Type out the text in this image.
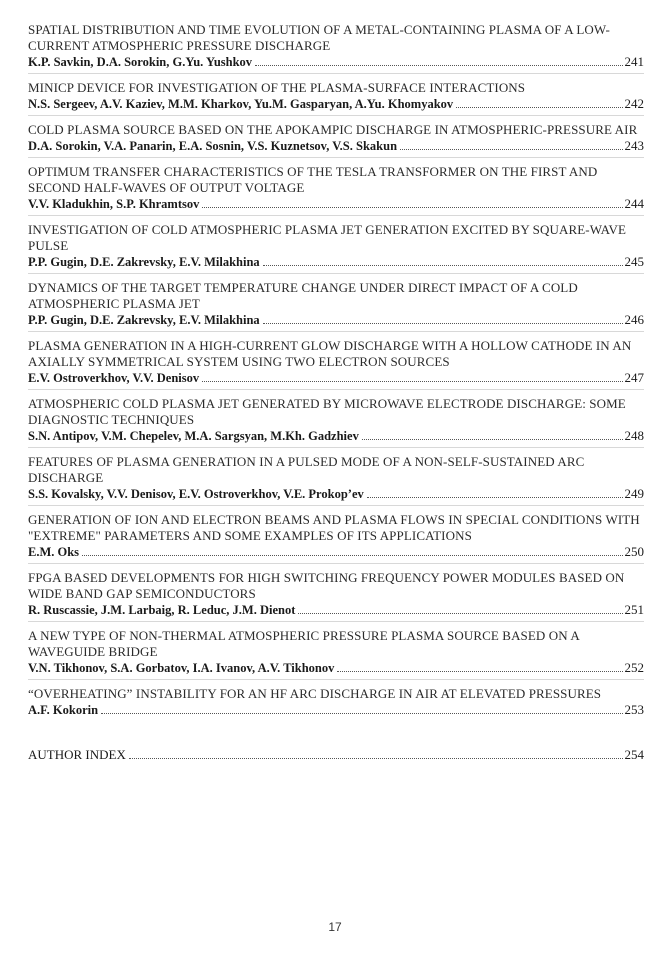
SPATIAL DISTRIBUTION AND TIME EVOLUTION OF A METAL-CONTAINING PLASMA OF A LOW-CURRENT ATMOSPHERIC PRESSURE DISCHARGE
K.P. Savkin, D.A. Sorokin, G.Yu. Yushkov	241
MINICP DEVICE FOR INVESTIGATION OF THE PLASMA-SURFACE INTERACTIONS
N.S. Sergeev, A.V. Kaziev, M.M. Kharkov, Yu.M. Gasparyan, A.Yu. Khomyakov	242
COLD PLASMA SOURCE BASED ON THE APOKAMPIC DISCHARGE IN ATMOSPHERIC-PRESSURE AIR
D.A. Sorokin, V.A. Panarin, E.A. Sosnin, V.S. Kuznetsov, V.S. Skakun	243
OPTIMUM TRANSFER CHARACTERISTICS OF THE TESLA TRANSFORMER ON THE FIRST AND SECOND HALF-WAVES OF OUTPUT VOLTAGE
V.V. Kladukhin, S.P. Khramtsov	244
INVESTIGATION OF COLD ATMOSPHERIC PLASMA JET GENERATION EXCITED BY SQUARE-WAVE PULSE
P.P. Gugin, D.E. Zakrevsky, E.V. Milakhina	245
DYNAMICS OF THE TARGET TEMPERATURE CHANGE UNDER DIRECT IMPACT OF A COLD ATMOSPHERIC PLASMA JET
P.P. Gugin, D.E. Zakrevsky, E.V. Milakhina	246
PLASMA GENERATION IN A HIGH-CURRENT GLOW DISCHARGE WITH A HOLLOW CATHODE IN AN AXIALLY SYMMETRICAL SYSTEM USING TWO ELECTRON SOURCES
E.V. Ostroverkhov, V.V. Denisov	247
ATMOSPHERIC COLD PLASMA JET GENERATED BY MICROWAVE ELECTRODE DISCHARGE: SOME DIAGNOSTIC TECHNIQUES
S.N. Antipov, V.M. Chepelev, M.A. Sargsyan, M.Kh. Gadzhiev	248
FEATURES OF PLASMA GENERATION IN A PULSED MODE OF A NON-SELF-SUSTAINED ARC DISCHARGE
S.S. Kovalsky, V.V. Denisov, E.V. Ostroverkhov, V.E. Prokop’ev	249
GENERATION OF ION AND ELECTRON BEAMS AND PLASMA FLOWS IN SPECIAL CONDITIONS WITH "EXTREME" PARAMETERS AND SOME EXAMPLES OF ITS APPLICATIONS
E.M. Oks	250
FPGA BASED DEVELOPMENTS FOR HIGH SWITCHING FREQUENCY POWER MODULES BASED ON WIDE BAND GAP SEMICONDUCTORS
R. Ruscassie, J.M. Larbaig, R. Leduc, J.M. Dienot	251
A NEW TYPE OF NON-THERMAL ATMOSPHERIC PRESSURE PLASMA SOURCE BASED ON A WAVEGUIDE BRIDGE
V.N. Tikhonov, S.A. Gorbatov, I.A. Ivanov, A.V. Tikhonov	252
“OVERHEATING” INSTABILITY FOR AN HF ARC DISCHARGE IN AIR AT ELEVATED PRESSURES
A.F. Kokorin	253
AUTHOR INDEX	254
17
